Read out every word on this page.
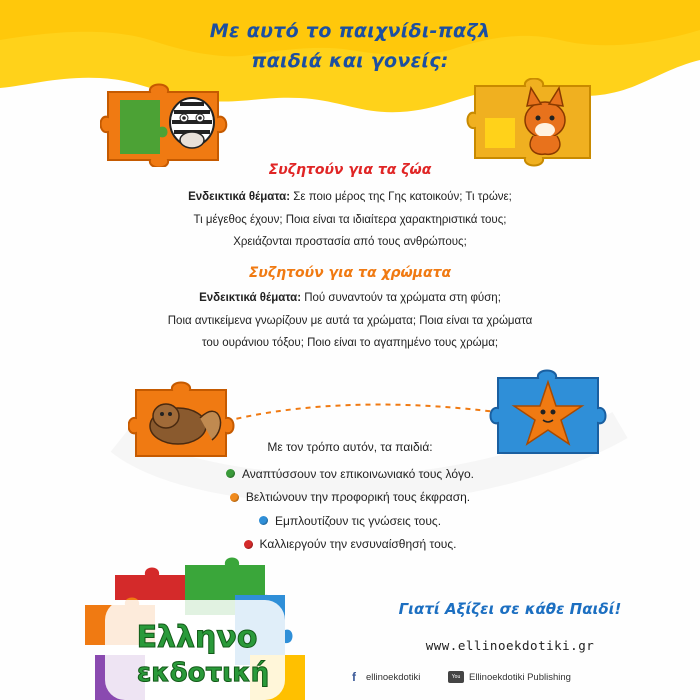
Με αυτό το παιχνίδι-παζλ
παιδιά και γονείς:
Συζητούν για τα ζώα
Ενδεικτικά θέματα: Σε ποιο μέρος της Γης κατοικούν; Τι τρώνε;
Τι μέγεθος έχουν; Ποια είναι τα ιδιαίτερα χαρακτηριστικά τους;
Χρειάζονται προστασία από τους ανθρώπους;
Συζητούν για τα χρώματα
Ενδεικτικά θέματα: Πού συναντούν τα χρώματα στη φύση;
Ποια αντικείμενα γνωρίζουν με αυτά τα χρώματα; Ποια είναι τα χρώματα
του ουράνιου τόξου; Ποιο είναι το αγαπημένο τους χρώμα;
Με τον τρόπο αυτόν, τα παιδιά:
Αναπτύσσουν τον επικοινωνιακό τους λόγο.
Βελτιώνουν την προφορική τους έκφραση.
Εμπλουτίζουν τις γνώσεις τους.
Καλλιεργούν την ενσυναίσθησή τους.
Ελληνο
εκδοτική
Γιατί Αξίζει σε κάθε Παιδί!
www.ellinoekdotiki.gr
f	ellinoekdotiki	You Tube
Ellinoekdotiki Publishing
